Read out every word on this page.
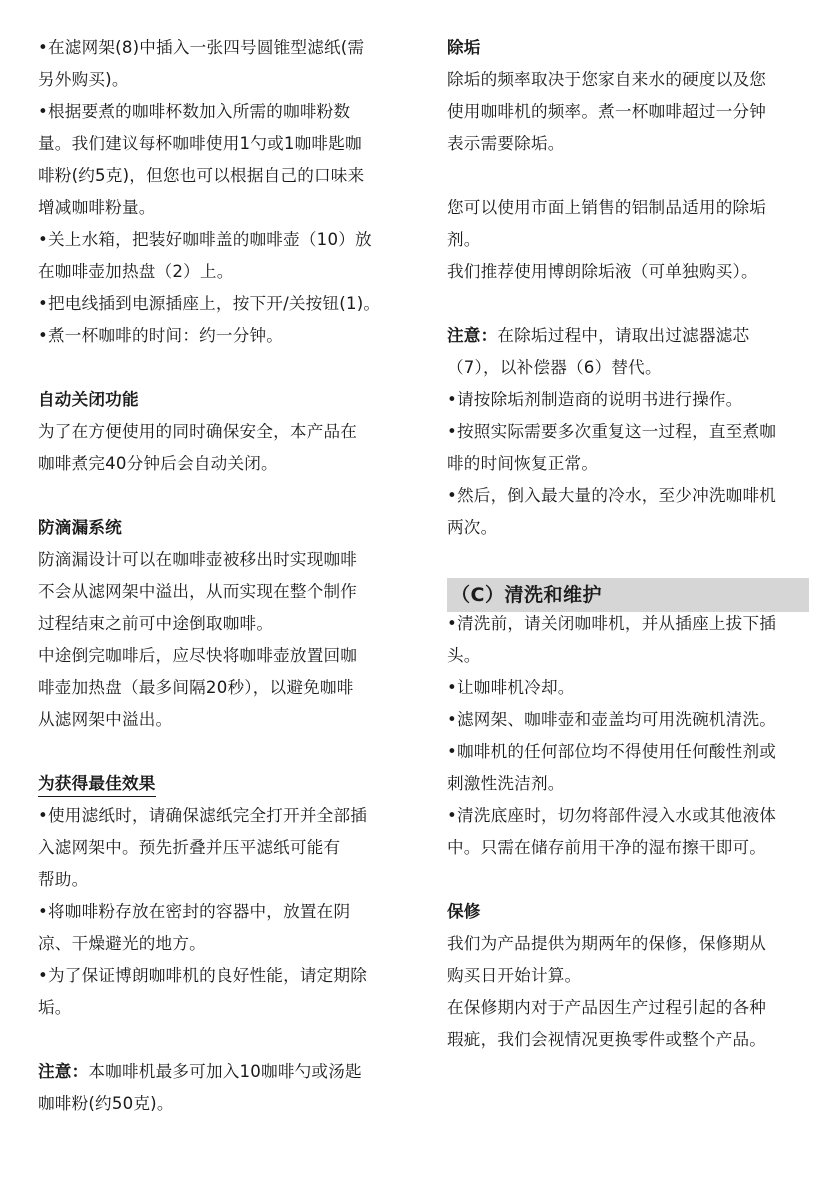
•在滤网架(8)中插入一张四号圆锥型滤纸(需
另外购买)。
•根据要煮的咖啡杯数加入所需的咖啡粉数
量。我们建议每杯咖啡使用1勺或1咖啡匙咖
啡粉(约5克)，但您也可以根据自己的口味来
增减咖啡粉量。
•关上水箱，把装好咖啡盖的咖啡壶（10）放
在咖啡壶加热盘（2）上。
•把电线插到电源插座上，按下开/关按钮(1)。
•煮一杯咖啡的时间：约一分钟。
自动关闭功能
为了在方便使用的同时确保安全，本产品在
咖啡煮完40分钟后会自动关闭。
防滴漏系统
防滴漏设计可以在咖啡壶被移出时实现咖啡
不会从滤网架中溢出，从而实现在整个制作
过程结束之前可中途倒取咖啡。
中途倒完咖啡后，应尽快将咖啡壶放置回咖
啡壶加热盘（最多间隔20秒），以避免咖啡
从滤网架中溢出。
为获得最佳效果
•使用滤纸时，请确保滤纸完全打开并全部插
入滤网架中。预先折叠并压平滤纸可能有
帮助。
•将咖啡粉存放在密封的容器中，放置在阴
凉、干燥避光的地方。
•为了保证博朗咖啡机的良好性能，请定期除
垢。
注意：本咖啡机最多可加入10咖啡勺或汤匙
咖啡粉(约50克)。
除垢
除垢的频率取决于您家自来水的硬度以及您
使用咖啡机的频率。煮一杯咖啡超过一分钟
表示需要除垢。
您可以使用市面上销售的铝制品适用的除垢
剂。
我们推荐使用博朗除垢液（可单独购买）。
注意：在除垢过程中，请取出过滤器滤芯
（7），以补偿器（6）替代。
•请按除垢剂制造商的说明书进行操作。
•按照实际需要多次重复这一过程，直至煮咖
啡的时间恢复正常。
•然后，倒入最大量的冷水，至少冲洗咖啡机
两次。
（C）清洗和维护
•清洗前，请关闭咖啡机，并从插座上拔下插
头。
•让咖啡机冷却。
•滤网架、咖啡壶和壶盖均可用洗碗机清洗。
•咖啡机的任何部位均不得使用任何酸性剂或
刺激性洗洁剂。
•清洗底座时，切勿将部件浸入水或其他液体
中。只需在储存前用干净的湿布擦干即可。
保修
我们为产品提供为期两年的保修，保修期从
购买日开始计算。
在保修期内对于产品因生产过程引起的各种
瑕疵，我们会视情况更换零件或整个产品。
